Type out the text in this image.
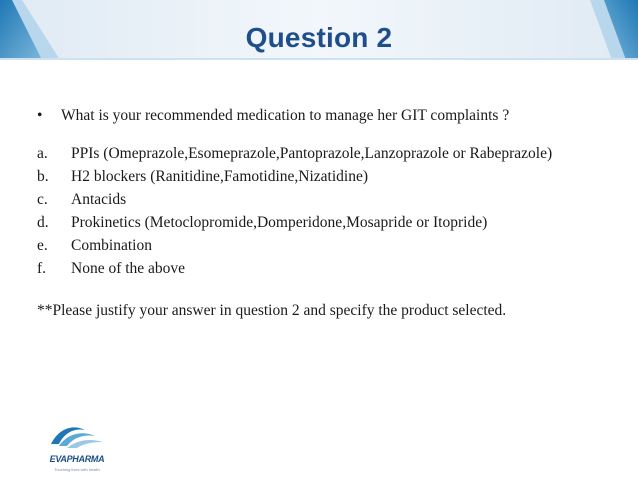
Question 2
• What is your recommended medication to manage her GIT complaints ?
a. PPIs (Omeprazole,Esomeprazole,Pantoprazole,Lanzoprazole or Rabeprazole)
b. H2 blockers (Ranitidine,Famotidine,Nizatidine)
c. Antacids
d. Prokinetics (Metoclopromide,Domperidone,Mosapride or Itopride)
e. Combination
f. None of the above
**Please justify your answer in question 2 and specify the product selected.
EVAPHARMA
Touching lives with health
